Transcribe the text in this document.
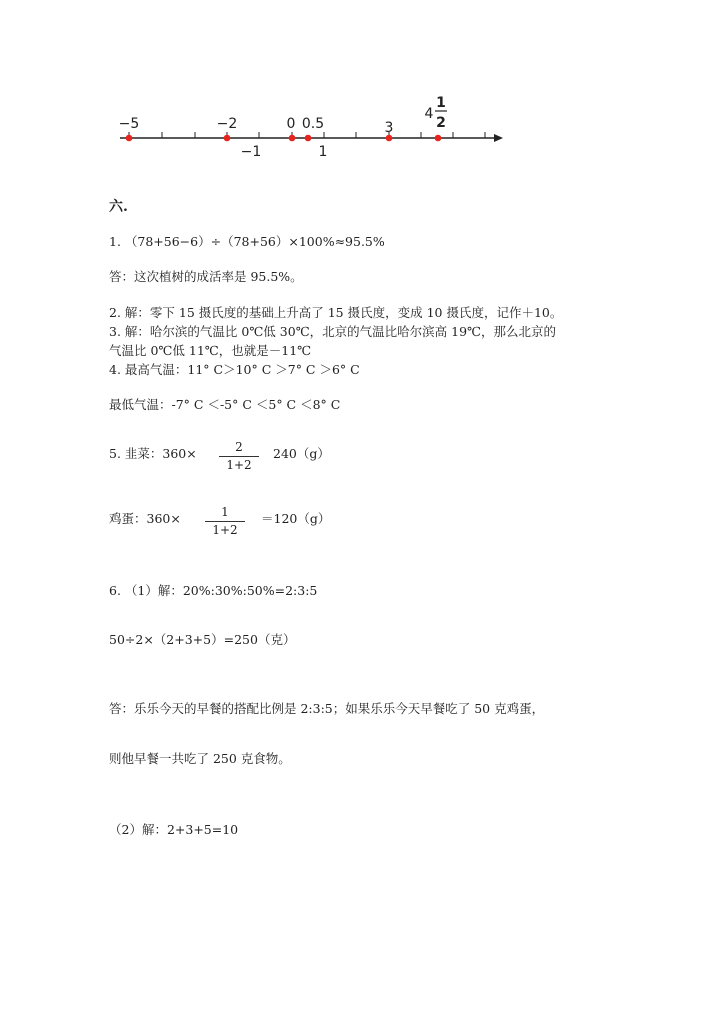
−5	−2	0 0.5	3
−1	1
4
1
2
六.
1. （78+56−6）÷（78+56）×100%≈95.5%
答：这次植树的成活率是 95.5%。
2. 解：零下 15 摄氏度的基础上升高了 15 摄氏度，变成 10 摄氏度，记作＋10。
3. 解：哈尔滨的气温比 0℃低 30℃，北京的气温比哈尔滨高 19℃，那么北京的
气温比 0℃低 11℃，也就是－11℃
4. 最高气温：11° C＞10° C ＞7° C ＞6° C
最低气温：-7° C ＜-5° C ＜5° C ＜8° C
5. 韭菜：360×	2
1+2
240（g）
鸡蛋：360×	1
1+2
＝120（g）
6. （1）解：20%:30%:50%=2:3:5
50÷2×（2+3+5）=250（克）
答：乐乐今天的早餐的搭配比例是 2:3:5；如果乐乐今天早餐吃了 50 克鸡蛋，
则他早餐一共吃了 250 克食物。
（2）解：2+3+5=10
